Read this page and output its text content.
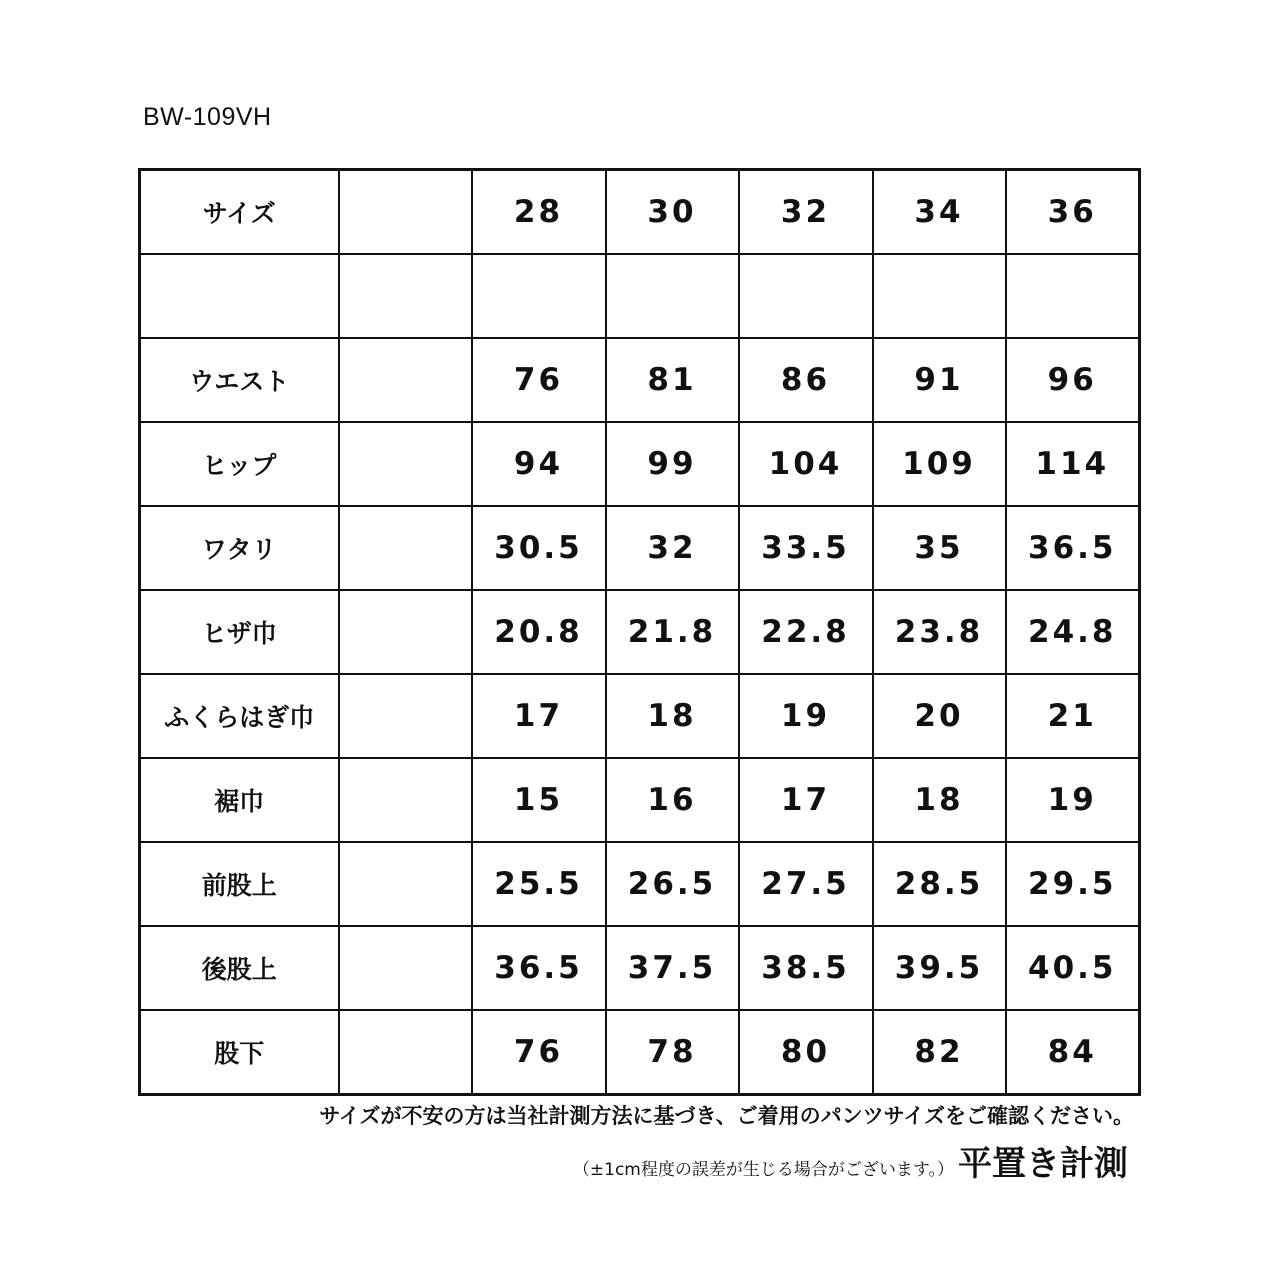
BW-109VH
サイズ		28	30	32	34	36

ウエスト		76	81	86	91	96
ヒップ		94	99	104	109	114
ワタリ		30.5	32	33.5	35	36.5
ヒザ巾		20.8	21.8	22.8	23.8	24.8
ふくらはぎ巾		17	18	19	20	21
裾巾		15	16	17	18	19
前股上		25.5	26.5	27.5	28.5	29.5
後股上		36.5	37.5	38.5	39.5	40.5
股下		76	78	80	82	84
サイズが不安の方は当社計測方法に基づき、ご着用のパンツサイズをご確認ください。
（±1cm程度の誤差が生じる場合がございます。） 平置き計測
